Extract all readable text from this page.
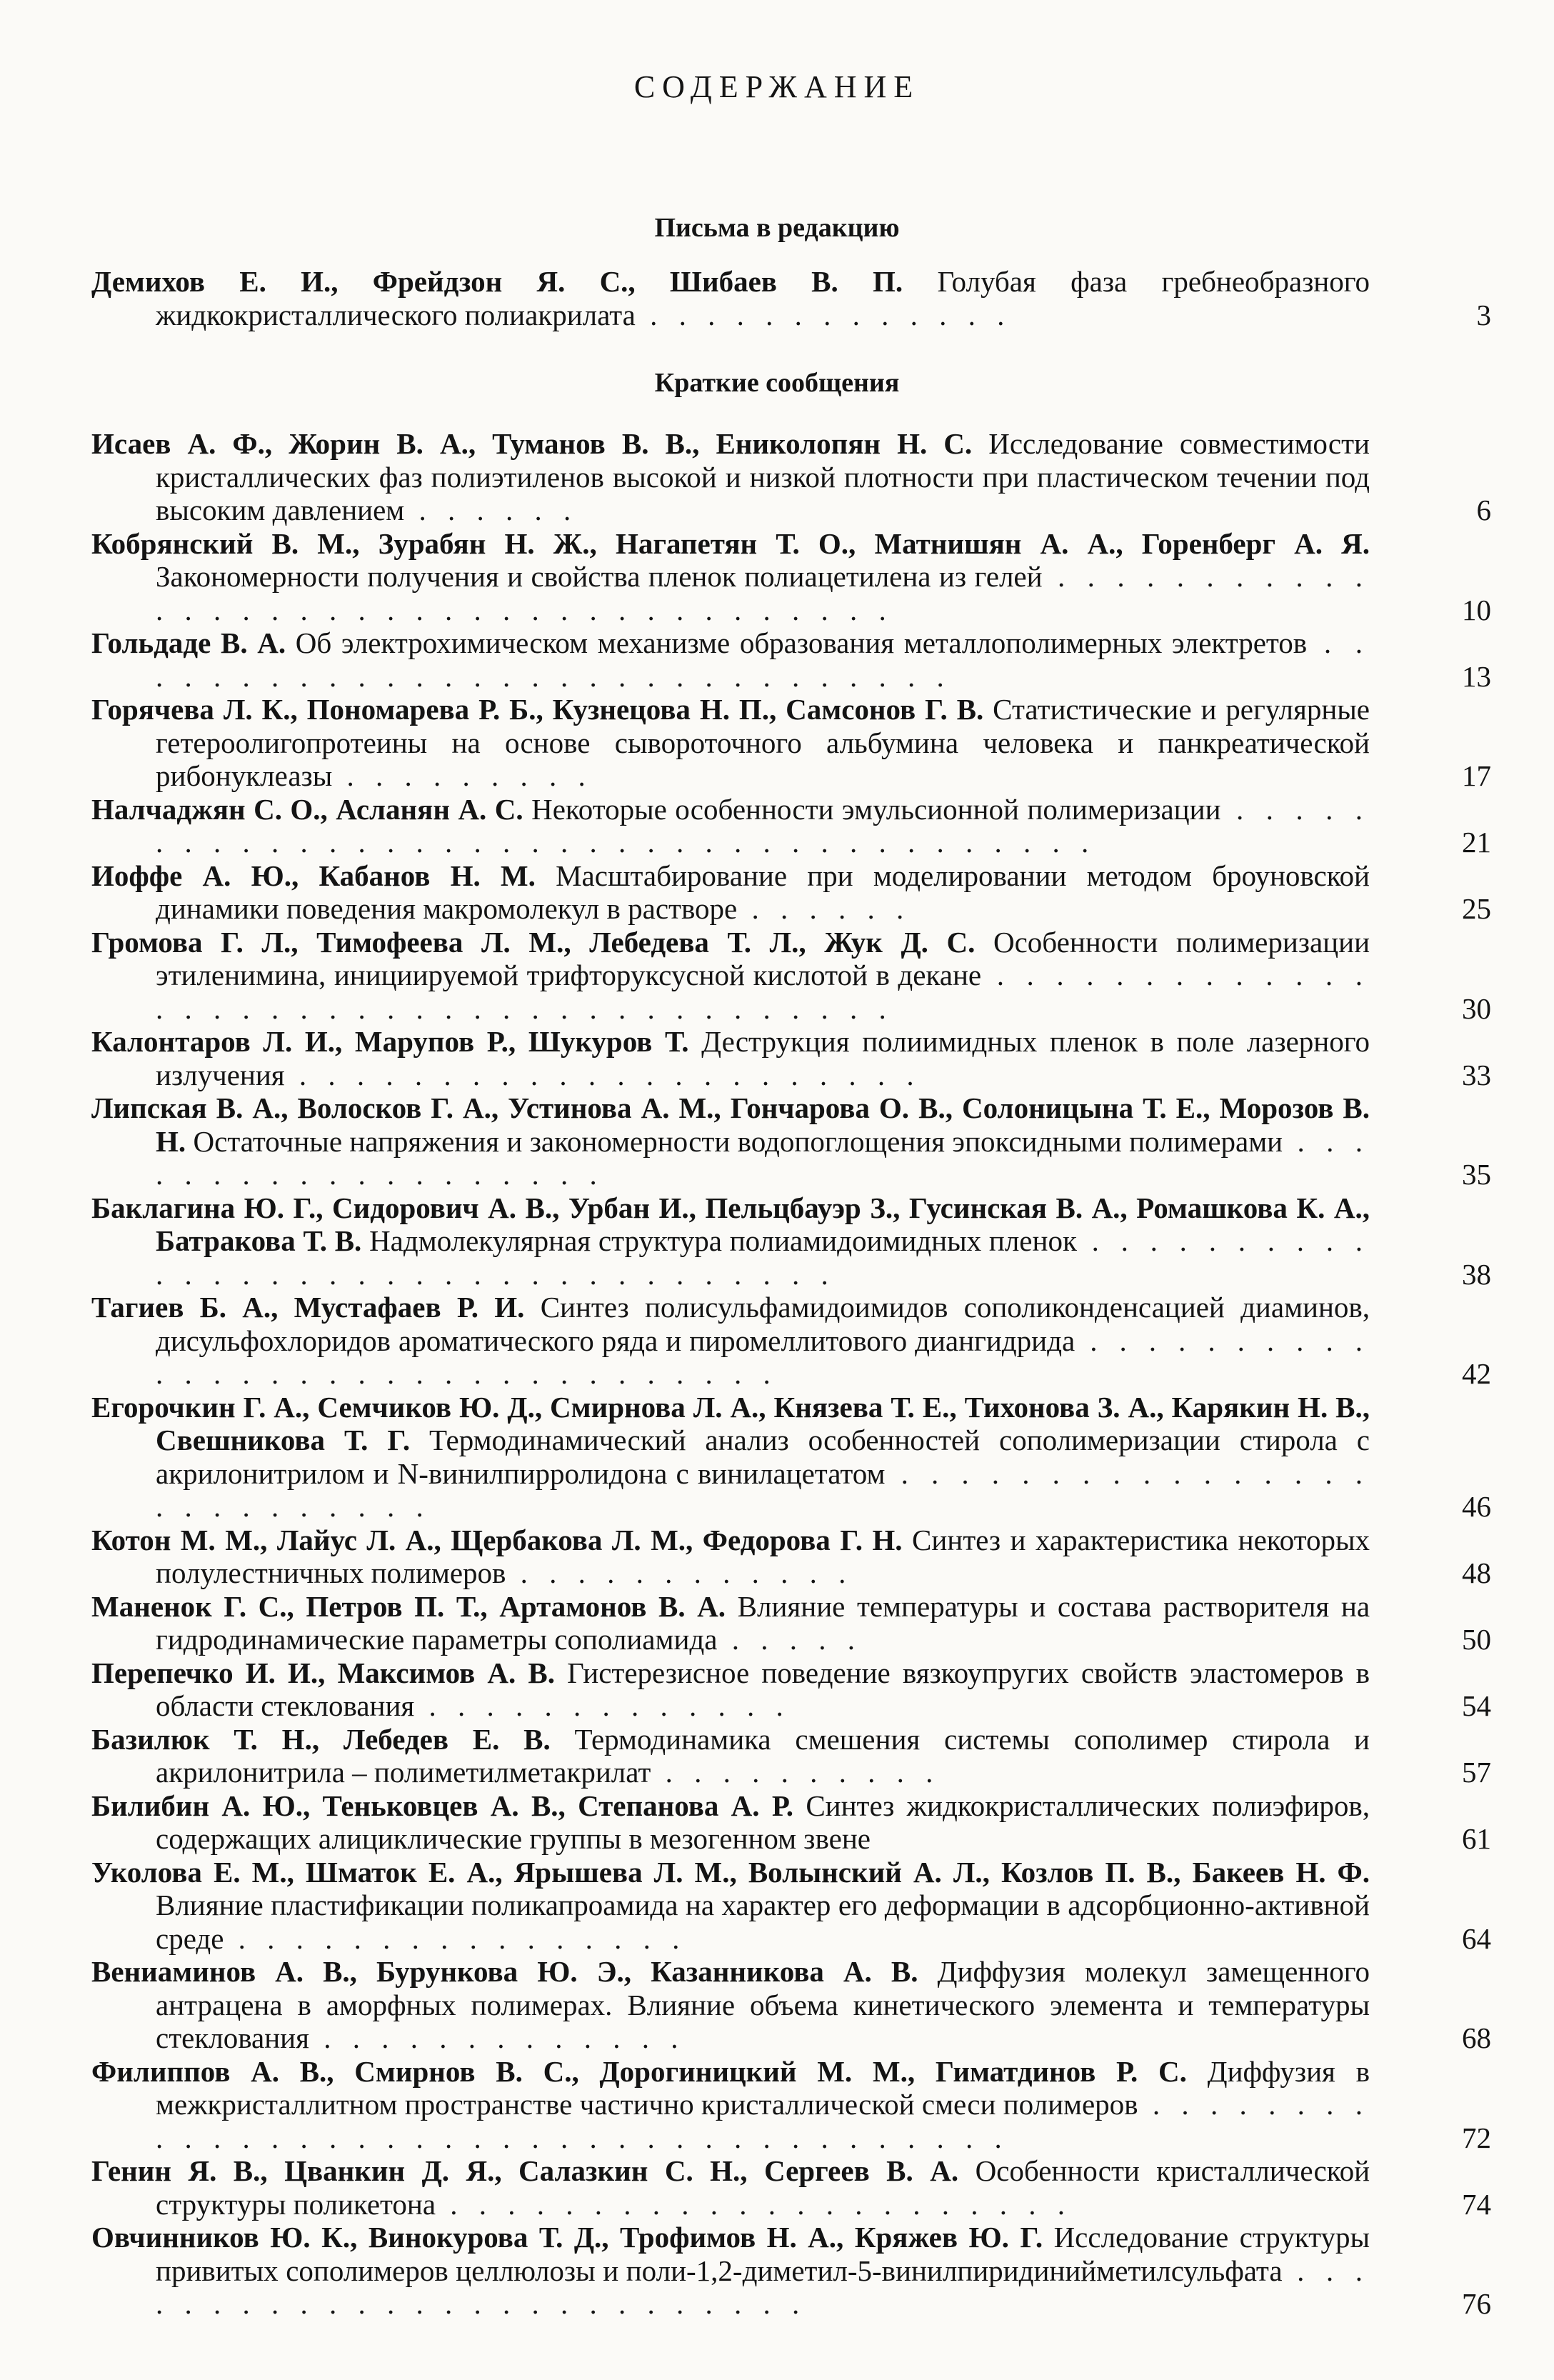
СОДЕРЖАНИЕ
Письма в редакцию

Демихов Е. И., Фрейдзон Я. С., Шибаев В. П. Голубая фаза гребнеобразного жидкокристаллического полиакрилата . . . . . . . . . . . . .	3

Краткие сообщения

Исаев А. Ф., Жорин В. А., Туманов В. В., Ениколопян Н. С. Исследование совместимости кристаллических фаз полиэтиленов высокой и низкой плотности при пластическом течении под высоким давлением . . . . . .	6

Кобрянский В. М., Зурабян Н. Ж., Нагапетян Т. О., Матнишян А. А., Горенберг А. Я. Закономерности получения и свойства пленок полиацетилена из гелей . . . . . . . . . . . . . . . . . . . . . . . . . . . . . . . . . . . . .	10

Гольдаде В. А. Об электрохимическом механизме образования металлополимерных электретов . . . . . . . . . . . . . . . . . . . . . . . . . . . . . .	13

Горячева Л. К., Пономарева Р. Б., Кузнецова Н. П., Самсонов Г. В. Статистические и регулярные гетероолигопротеины на основе сывороточного альбумина человека и панкреатической рибонуклеазы . . . . . . . . .	17

Налчаджян С. О., Асланян А. С. Некоторые особенности эмульсионной полимеризации . . . . . . . . . . . . . . . . . . . . . . . . . . . . . . . . . . . . . .	21

Иоффе А. Ю., Кабанов Н. М. Масштабирование при моделировании методом броуновской динамики поведения макромолекул в растворе . . . . . .	25

Громова Г. Л., Тимофеева Л. М., Лебедева Т. Л., Жук Д. С. Особенности полимеризации этиленимина, инициируемой трифторуксусной кислотой в декане . . . . . . . . . . . . . . . . . . . . . . . . . . . . . . . . . . . . . . .	30

Калонтаров Л. И., Марупов Р., Шукуров Т. Деструкция полиимидных пленок в поле лазерного излучения . . . . . . . . . . . . . . . . . . . . . .	33

Липская В. А., Волосков Г. А., Устинова А. М., Гончарова О. В., Солоницына Т. Е., Морозов В. Н. Остаточные напряжения и закономерности водопоглощения эпоксидными полимерами . . . . . . . . . . . . . . . . . . .	35

Баклагина Ю. Г., Сидорович А. В., Урбан И., Пельцбауэр З., Гусинская В. А., Ромашкова К. А., Батракова Т. В. Надмолекулярная структура полиамидоимидных пленок . . . . . . . . . . . . . . . . . . . . . . . . . . . . . . . . . .	38

Тагиев Б. А., Мустафаев Р. И. Синтез полисульфамидоимидов сополиконденсацией диаминов, дисульфохлоридов ароматического ряда и пиромеллитового диангидрида . . . . . . . . . . . . . . . . . . . . . . . . . . . . . . . .	42

Егорочкин Г. А., Семчиков Ю. Д., Смирнова Л. А., Князева Т. Е., Тихонова З. А., Карякин Н. В., Свешникова Т. Г. Термодинамический анализ особенностей сополимеризации стирола с акрилонитрилом и N-винилпирролидона с винилацетатом . . . . . . . . . . . . . . . . . . . . . . . . . .	46

Котон М. М., Лайус Л. А., Щербакова Л. М., Федорова Г. Н. Синтез и характеристика некоторых полулестничных полимеров . . . . . . . . . . . .	48

Маненок Г. С., Петров П. Т., Артамонов В. А. Влияние температуры и состава растворителя на гидродинамические параметры сополиамида . . . . .	50

Перепечко И. И., Максимов А. В. Гистерезисное поведение вязкоупругих свойств эластомеров в области стеклования . . . . . . . . . . . . .	54

Базилюк Т. Н., Лебедев Е. В. Термодинамика смешения системы сополимер стирола и акрилонитрила – полиметилметакрилат . . . . . . . . . .	57

Билибин А. Ю., Теньковцев А. В., Степанова А. Р. Синтез жидкокристаллических полиэфиров, содержащих алициклические группы в мезогенном звене	61

Уколова Е. М., Шматок Е. А., Ярышева Л. М., Волынский А. Л., Козлов П. В., Бакеев Н. Ф. Влияние пластификации поликапроамида на характер его деформации в адсорбционно-активной среде . . . . . . . . . . . . . . . .	64

Вениаминов А. В., Бурункова Ю. Э., Казанникова А. В. Диффузия молекул замещенного антрацена в аморфных полимерах. Влияние объема кинетического элемента и температуры стеклования . . . . . . . . . . . . .	68

Филиппов А. В., Смирнов В. С., Дорогиницкий М. М., Гиматдинов Р. С. Диффузия в межкристаллитном пространстве частично кристаллической смеси полимеров . . . . . . . . . . . . . . . . . . . . . . . . . . . . . . . . . . . . . .	72

Генин Я. В., Цванкин Д. Я., Салазкин С. Н., Сергеев В. А. Особенности кристаллической структуры поликетона . . . . . . . . . . . . . . . . . . . . . .	74

Овчинников Ю. К., Винокурова Т. Д., Трофимов Н. А., Кряжев Ю. Г. Исследование структуры привитых сополимеров целлюлозы и поли-1,2-диметил-5-винилпиридинийметилсульфата . . . . . . . . . . . . . . . . . . . . . . . . . .	76
